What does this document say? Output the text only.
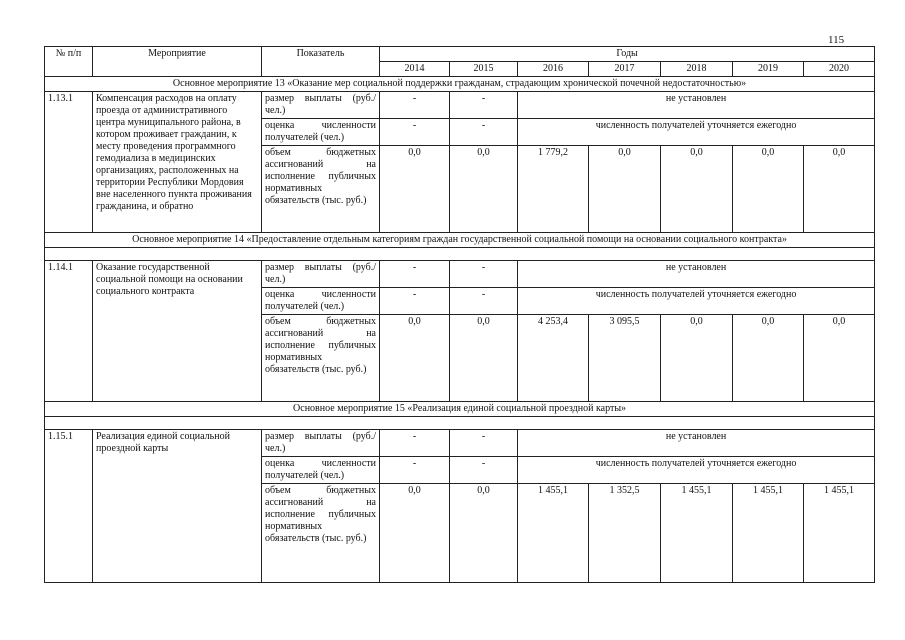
115
№ п/п	Мероприятие	Показатель	Годы						
			2014	2015	2016	2017	2018	2019	2020
Основное мероприятие 13 «Оказание мер социальной поддержки гражданам, страдающим хронической почечной недостаточностью»									
1.13.1	Компенсация расходов на оплату проезда от административного центра муниципального района, в котором проживает гражданин, к месту проведения программного гемодиализа в медицинских организациях, расположенных на территории Республики Мордовия вне населенного пункта проживания гражданина, и обратно	размер выплаты (руб./ чел.)	-	-	не установлен				
		оценка численности получателей (чел.)	-	-	численность получателей уточняется ежегодно				
		объем бюджетных ассигнований на исполнение публичных нормативных обязательств (тыс. руб.)	0,0	0,0	1 779,2	0,0	0,0	0,0	0,0
Основное мероприятие 14 «Предоставление отдельным категориям граждан государственной социальной помощи на основании социального контракта»									

1.14.1	Оказание государственной социальной помощи на основании социального контракта	размер выплаты (руб./ чел.)	-	-	не установлен				
		оценка численности получателей (чел.)	-	-	численность получателей уточняется ежегодно				
		объем бюджетных ассигнований на исполнение публичных нормативных обязательств (тыс. руб.)	0,0	0,0	4 253,4	3 095,5	0,0	0,0	0,0
Основное мероприятие 15 «Реализация единой социальной проездной карты»									

1.15.1	Реализация единой социальной проездной карты	размер выплаты (руб./ чел.)	-	-	не установлен				
		оценка численности получателей (чел.)	-	-	численность получателей уточняется ежегодно				
		объем бюджетных ассигнований на исполнение публичных нормативных обязательств (тыс. руб.)	0,0	0,0	1 455,1	1 352,5	1 455,1	1 455,1	1 455,1
